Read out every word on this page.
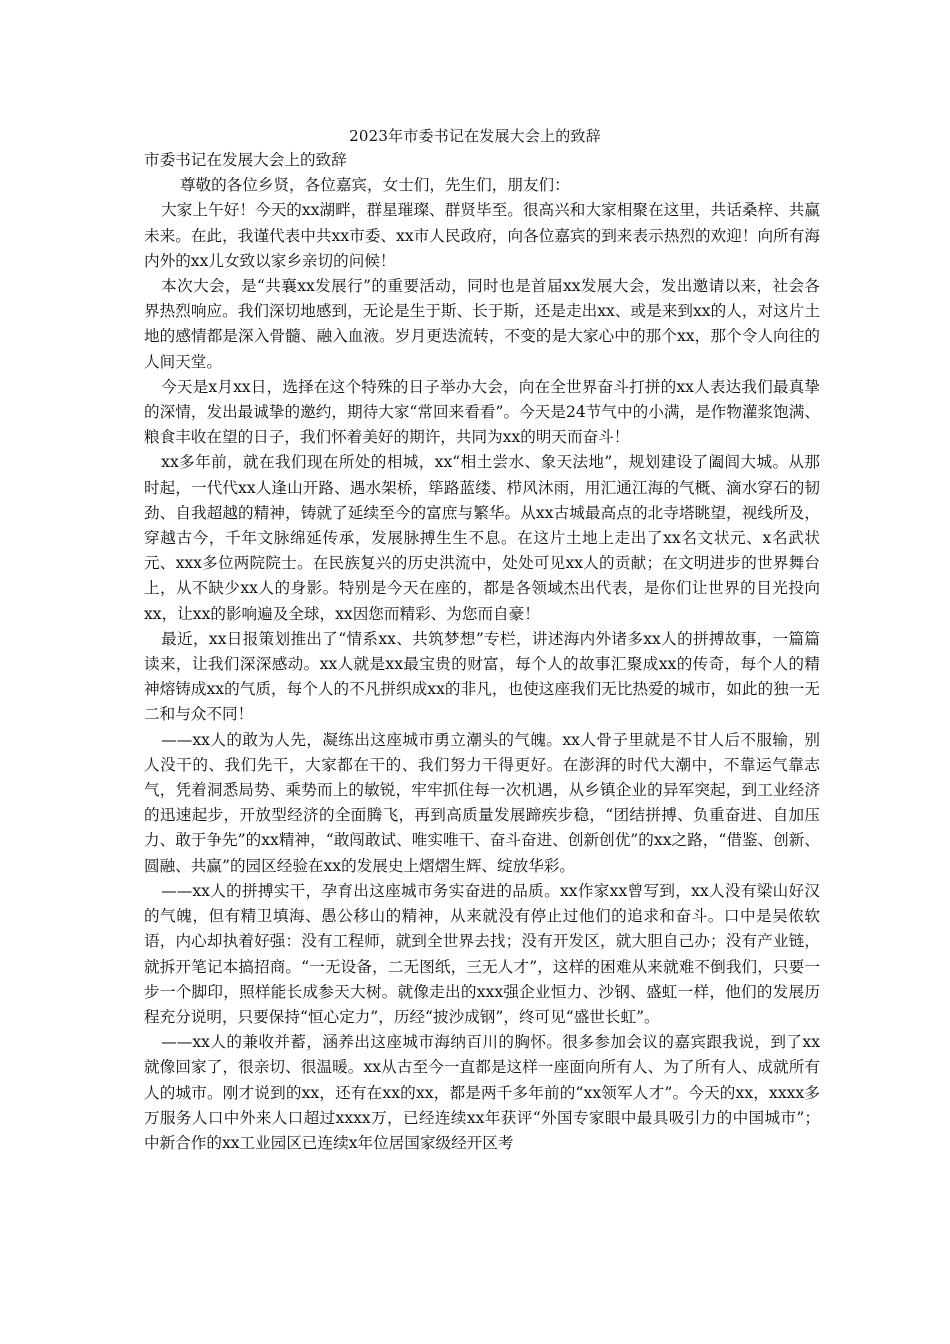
2023年市委书记在发展大会上的致辞

市委书记在发展大会上的致辞

尊敬的各位乡贤，各位嘉宾，女士们，先生们，朋友们：

大家上午好！今天的xx湖畔，群星璀璨、群贤毕至。很高兴和大家相聚在这里，共话桑梓、共赢未来。在此，我谨代表中共xx市委、xx市人民政府，向各位嘉宾的到来表示热烈的欢迎！向所有海内外的xx儿女致以家乡亲切的问候！

本次大会，是“共襄xx发展行”的重要活动，同时也是首届xx发展大会，发出邀请以来，社会各界热烈响应。我们深切地感到，无论是生于斯、长于斯，还是走出xx、或是来到xx的人，对这片土地的感情都是深入骨髓、融入血液。岁月更迭流转，不变的是大家心中的那个xx，那个令人向往的人间天堂。

今天是x月xx日，选择在这个特殊的日子举办大会，向在全世界奋斗打拼的xx人表达我们最真挚的深情，发出最诚挚的邀约，期待大家“常回来看看”。今天是24节气中的小满，是作物灌浆饱满、粮食丰收在望的日子，我们怀着美好的期许，共同为xx的明天而奋斗！

xx多年前，就在我们现在所处的相城，xx“相土尝水、象天法地”，规划建设了阖闾大城。从那时起，一代代xx人逢山开路、遇水架桥，筚路蓝缕、栉风沐雨，用汇通江海的气概、滴水穿石的韧劲、自我超越的精神，铸就了延续至今的富庶与繁华。从xx古城最高点的北寺塔眺望，视线所及，穿越古今，千年文脉绵延传承，发展脉搏生生不息。在这片土地上走出了xx名文状元、x名武状元、xxx多位两院院士。在民族复兴的历史洪流中，处处可见xx人的贡献；在文明进步的世界舞台上，从不缺少xx人的身影。特别是今天在座的，都是各领域杰出代表，是你们让世界的目光投向xx，让xx的影响遍及全球，xx因您而精彩、为您而自豪！

最近，xx日报策划推出了“情系xx、共筑梦想”专栏，讲述海内外诸多xx人的拼搏故事，一篇篇读来，让我们深深感动。xx人就是xx最宝贵的财富，每个人的故事汇聚成xx的传奇，每个人的精神熔铸成xx的气质，每个人的不凡拼织成xx的非凡，也使这座我们无比热爱的城市，如此的独一无二和与众不同！

——xx人的敢为人先，凝练出这座城市勇立潮头的气魄。xx人骨子里就是不甘人后不服输，别人没干的、我们先干，大家都在干的、我们努力干得更好。在澎湃的时代大潮中，不靠运气靠志气，凭着洞悉局势、乘势而上的敏锐，牢牢抓住每一次机遇，从乡镇企业的异军突起，到工业经济的迅速起步，开放型经济的全面腾飞，再到高质量发展蹄疾步稳，“团结拼搏、负重奋进、自加压力、敢于争先”的xx精神，“敢闯敢试、唯实唯干、奋斗奋进、创新创优”的xx之路，“借鉴、创新、圆融、共赢”的园区经验在xx的发展史上熠熠生辉、绽放华彩。

——xx人的拼搏实干，孕育出这座城市务实奋进的品质。xx作家xx曾写到，xx人没有梁山好汉的气魄，但有精卫填海、愚公移山的精神，从来就没有停止过他们的追求和奋斗。口中是吴侬软语，内心却执着好强：没有工程师，就到全世界去找；没有开发区，就大胆自己办；没有产业链，就拆开笔记本搞招商。“一无设备，二无图纸，三无人才”，这样的困难从来就难不倒我们，只要一步一个脚印，照样能长成参天大树。就像走出的xxx强企业恒力、沙钢、盛虹一样，他们的发展历程充分说明，只要保持“恒心定力”，历经“披沙成钢”，终可见“盛世长虹”。

——xx人的兼收并蓄，涵养出这座城市海纳百川的胸怀。很多参加会议的嘉宾跟我说，到了xx就像回家了，很亲切、很温暖。xx从古至今一直都是这样一座面向所有人、为了所有人、成就所有人的城市。刚才说到的xx，还有在xx的xx，都是两千多年前的“xx领军人才”。今天的xx，xxxx多万服务人口中外来人口超过xxxx万，已经连续xx年获评“外国专家眼中最具吸引力的中国城市”；中新合作的xx工业园区已连续x年位居国家级经开区考
